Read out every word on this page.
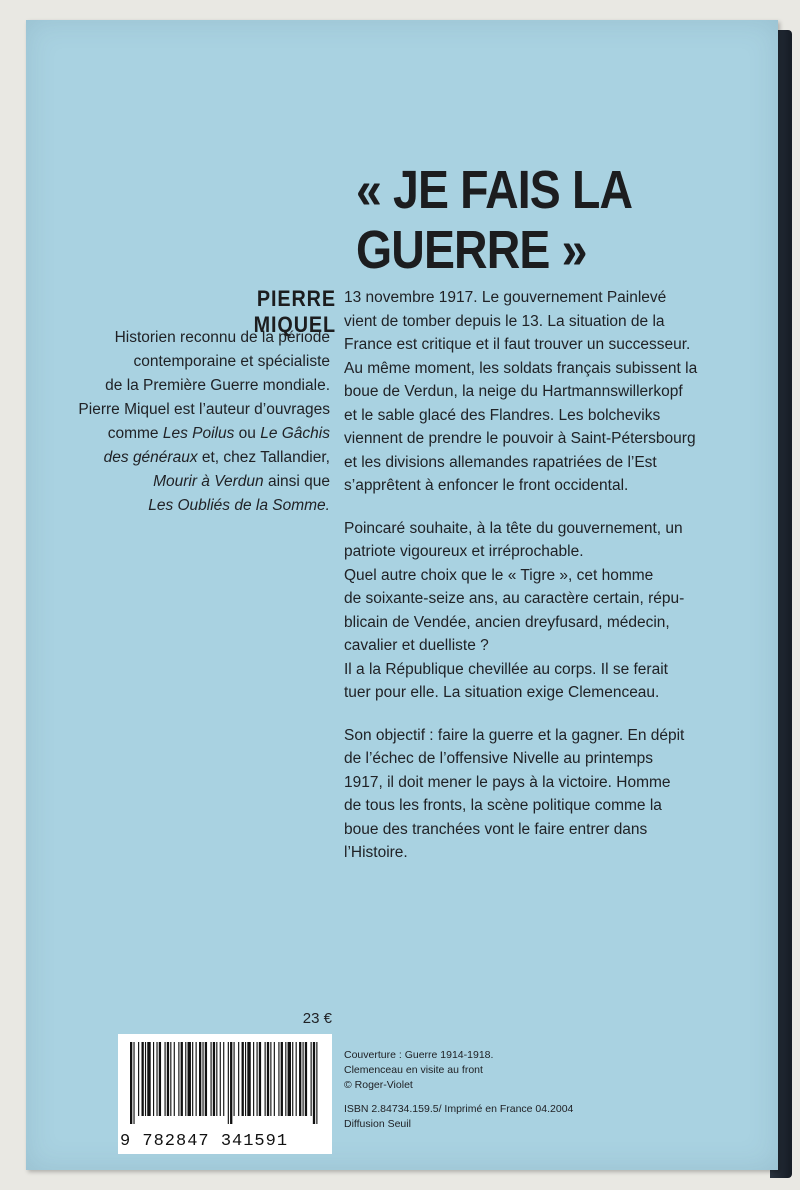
« JE FAIS LA
GUERRE »
PIERRE MIQUEL
Historien reconnu de la période
contemporaine et spécialiste
de la Première Guerre mondiale.
Pierre Miquel est l’auteur d’ouvrages
comme Les Poilus ou Le Gâchis
des généraux et, chez Tallandier,
Mourir à Verdun ainsi que
Les Oubliés de la Somme.

13 novembre 1917. Le gouvernement Painlevé
vient de tomber depuis le 13. La situation de la
France est critique et il faut trouver un successeur.
Au même moment, les soldats français subissent la
boue de Verdun, la neige du Hartmannswillerkopf
et le sable glacé des Flandres. Les bolcheviks
viennent de prendre le pouvoir à Saint-Pétersbourg
et les divisions allemandes rapatriées de l’Est
s’apprêtent à enfoncer le front occidental.

Poincaré souhaite, à la tête du gouvernement, un
patriote vigoureux et irréprochable.
Quel autre choix que le « Tigre », cet homme
de soixante-seize ans, au caractère certain, répu-
blicain de Vendée, ancien dreyfusard, médecin,
cavalier et duelliste ?
Il a la République chevillée au corps. Il se ferait
tuer pour elle. La situation exige Clemenceau.

Son objectif : faire la guerre et la gagner. En dépit
de l’échec de l’offensive Nivelle au printemps
1917, il doit mener le pays à la victoire. Homme
de tous les fronts, la scène politique comme la
boue des tranchées vont le faire entrer dans
l’Histoire.

23 €
9 782847 341591
Couverture : Guerre 1914-1918.
Clemenceau en visite au front
© Roger-Violet
ISBN 2.84734.159.5/ Imprimé en France 04.2004
Diffusion Seuil
